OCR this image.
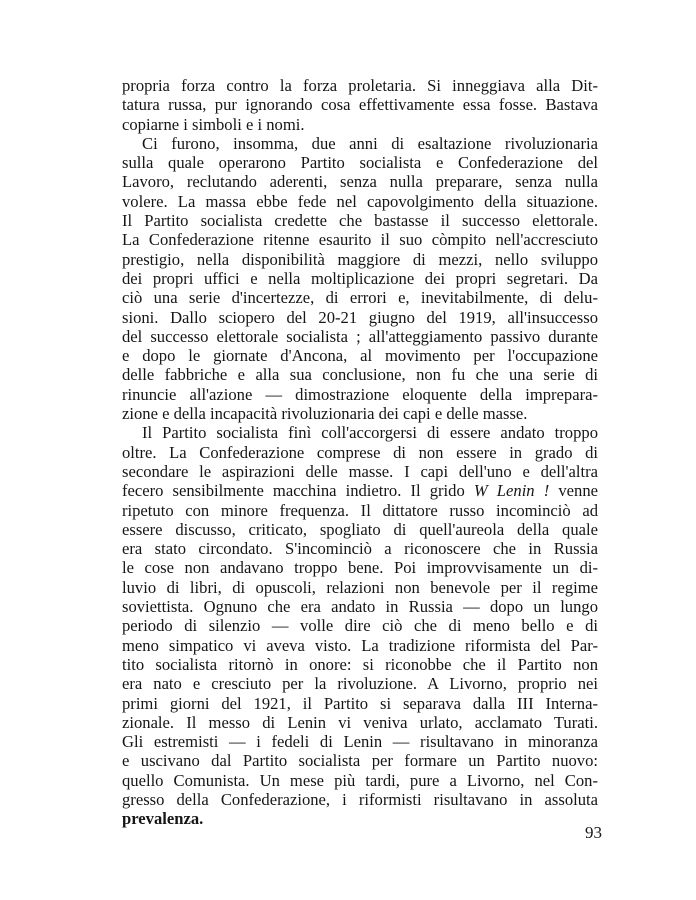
propria forza contro la forza proletaria. Si inneggiava alla Dit-
tatura russa, pur ignorando cosa effettivamente essa fosse. Bastava
copiarne i simboli e i nomi.
Ci furono, insomma, due anni di esaltazione rivoluzionaria
sulla quale operarono Partito socialista e Confederazione del
Lavoro, reclutando aderenti, senza nulla preparare, senza nulla
volere. La massa ebbe fede nel capovolgimento della situazione.
Il Partito socialista credette che bastasse il successo elettorale.
La Confederazione ritenne esaurito il suo còmpito nell'accresciuto
prestigio, nella disponibilità maggiore di mezzi, nello sviluppo
dei propri uffici e nella moltiplicazione dei propri segretari. Da
ciò una serie d'incertezze, di errori e, inevitabilmente, di delu-
sioni. Dallo sciopero del 20-21 giugno del 1919, all'insuccesso
del successo elettorale socialista ; all'atteggiamento passivo durante
e dopo le giornate d'Ancona, al movimento per l'occupazione
delle fabbriche e alla sua conclusione, non fu che una serie di
rinuncie all'azione — dimostrazione eloquente della imprepara-
zione e della incapacità rivoluzionaria dei capi e delle masse.
Il Partito socialista finì coll'accorgersi di essere andato troppo
oltre. La Confederazione comprese di non essere in grado di
secondare le aspirazioni delle masse. I capi dell'uno e dell'altra
fecero sensibilmente macchina indietro. Il grido W Lenin ! venne
ripetuto con minore frequenza. Il dittatore russo incominciò ad
essere discusso, criticato, spogliato di quell'aureola della quale
era stato circondato. S'incominciò a riconoscere che in Russia
le cose non andavano troppo bene. Poi improvvisamente un di-
luvio di libri, di opuscoli, relazioni non benevole per il regime
soviettista. Ognuno che era andato in Russia — dopo un lungo
periodo di silenzio — volle dire ciò che di meno bello e di
meno simpatico vi aveva visto. La tradizione riformista del Par-
tito socialista ritornò in onore: si riconobbe che il Partito non
era nato e cresciuto per la rivoluzione. A Livorno, proprio nei
primi giorni del 1921, il Partito si separava dalla III Interna-
zionale. Il messo di Lenin vi veniva urlato, acclamato Turati.
Gli estremisti — i fedeli di Lenin — risultavano in minoranza
e uscivano dal Partito socialista per formare un Partito nuovo:
quello Comunista. Un mese più tardi, pure a Livorno, nel Con-
gresso della Confederazione, i riformisti risultavano in assoluta
prevalenza.
93
